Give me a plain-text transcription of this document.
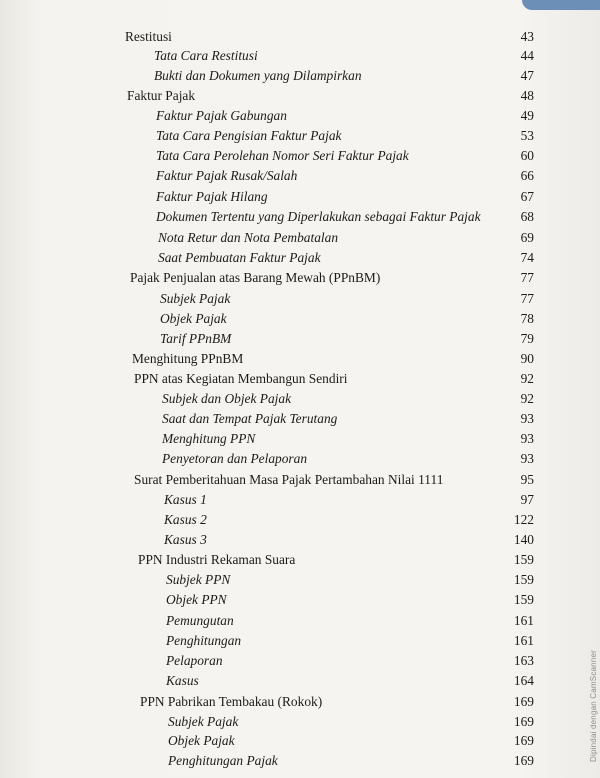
Restitusi	43
Tata Cara Restitusi	44
Bukti dan Dokumen yang Dilampirkan	47
Faktur Pajak	48
Faktur Pajak Gabungan	49
Tata Cara Pengisian Faktur Pajak	53
Tata Cara Perolehan Nomor Seri Faktur Pajak	60
Faktur Pajak Rusak/Salah	66
Faktur Pajak Hilang	67
Dokumen Tertentu yang Diperlakukan sebagai Faktur Pajak	68
Nota Retur dan Nota Pembatalan	69
Saat Pembuatan Faktur Pajak	74
Pajak Penjualan atas Barang Mewah (PPnBM)	77
Subjek Pajak	77
Objek Pajak	78
Tarif PPnBM	79
Menghitung PPnBM	90
PPN atas Kegiatan Membangun Sendiri	92
Subjek dan Objek Pajak	92
Saat dan Tempat Pajak Terutang	93
Menghitung PPN	93
Penyetoran dan Pelaporan	93
Surat Pemberitahuan Masa Pajak Pertambahan Nilai 1111	95
Kasus 1	97
Kasus 2	122
Kasus 3	140
PPN Industri Rekaman Suara	159
Subjek PPN	159
Objek PPN	159
Pemungutan	161
Penghitungan	161
Pelaporan	163
Kasus	164
PPN Pabrikan Tembakau (Rokok)	169
Subjek Pajak	169
Objek Pajak	169
Penghitungan Pajak	169	Dipindai dengan CamScanner
